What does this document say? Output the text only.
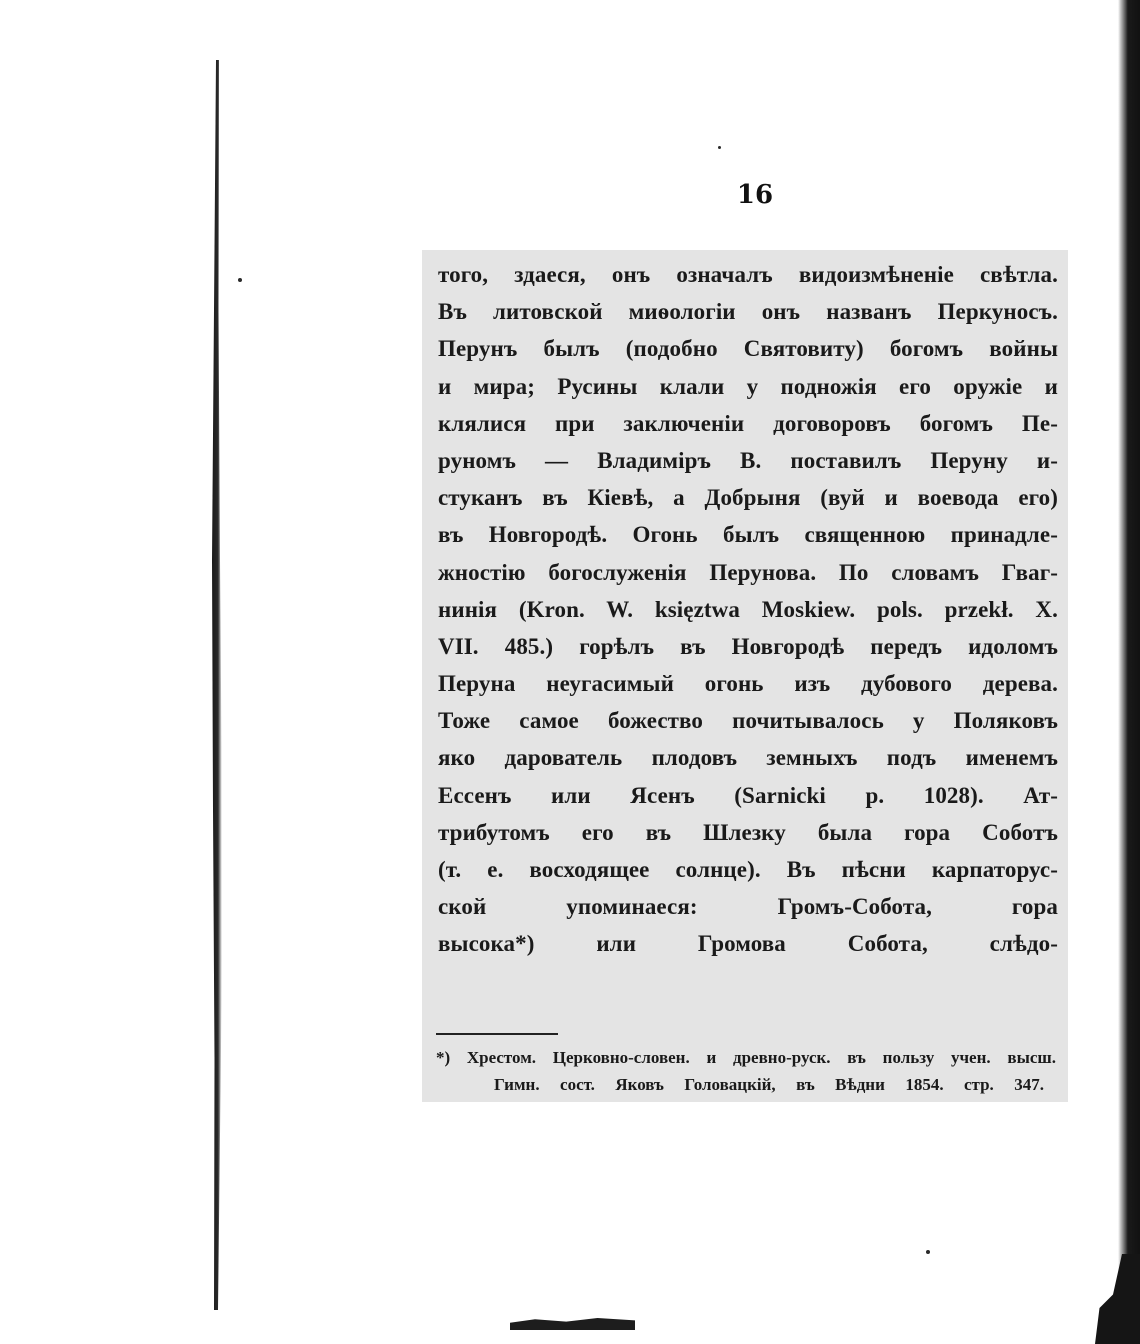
16
того, здаеся, онъ означалъ видоизмѣненіе свѣтла.
Въ литовской миѳологіи онъ названъ Перкуносъ.
Перунъ былъ (подобно Святовиту) богомъ войны
и мира; Русины клали у подножія его оружіе и
клялися при заключеніи договоровъ богомъ Пе-
руномъ — Владиміръ В. поставилъ Перуну и-
стуканъ въ Кіевѣ, а Добрыня (вуй и воевода его)
въ Новгородѣ. Огонь былъ священною принадле-
жностію богослуженія Перунова. По словамъ Гваг-
нинія (Kron. W. księztwa Moskiew. pols. przekł. X.
VII. 485.) горѣлъ въ Новгородѣ передъ идоломъ
Перуна неугасимый огонь изъ дубового дерева.
Тоже самое божество почитывалось у Поляковъ
яко дарователь плодовъ земныхъ подъ именемъ
Ессенъ или Ясенъ (Sarnicki p. 1028). Ат-
трибутомъ его въ Шлезку была гора Соботъ
(т. е. восходящее солнце). Въ пѣсни карпаторус-
ской упоминаеся: Громъ-Собота, гора
высока*) или Громова Собота, слѣдо-
*) Хрестом. Церковно-словен. и древно-руск. въ пользу учен. высш.
Гимн. сост. Яковъ Головацкій, въ Вѣдни 1854. стр. 347.
